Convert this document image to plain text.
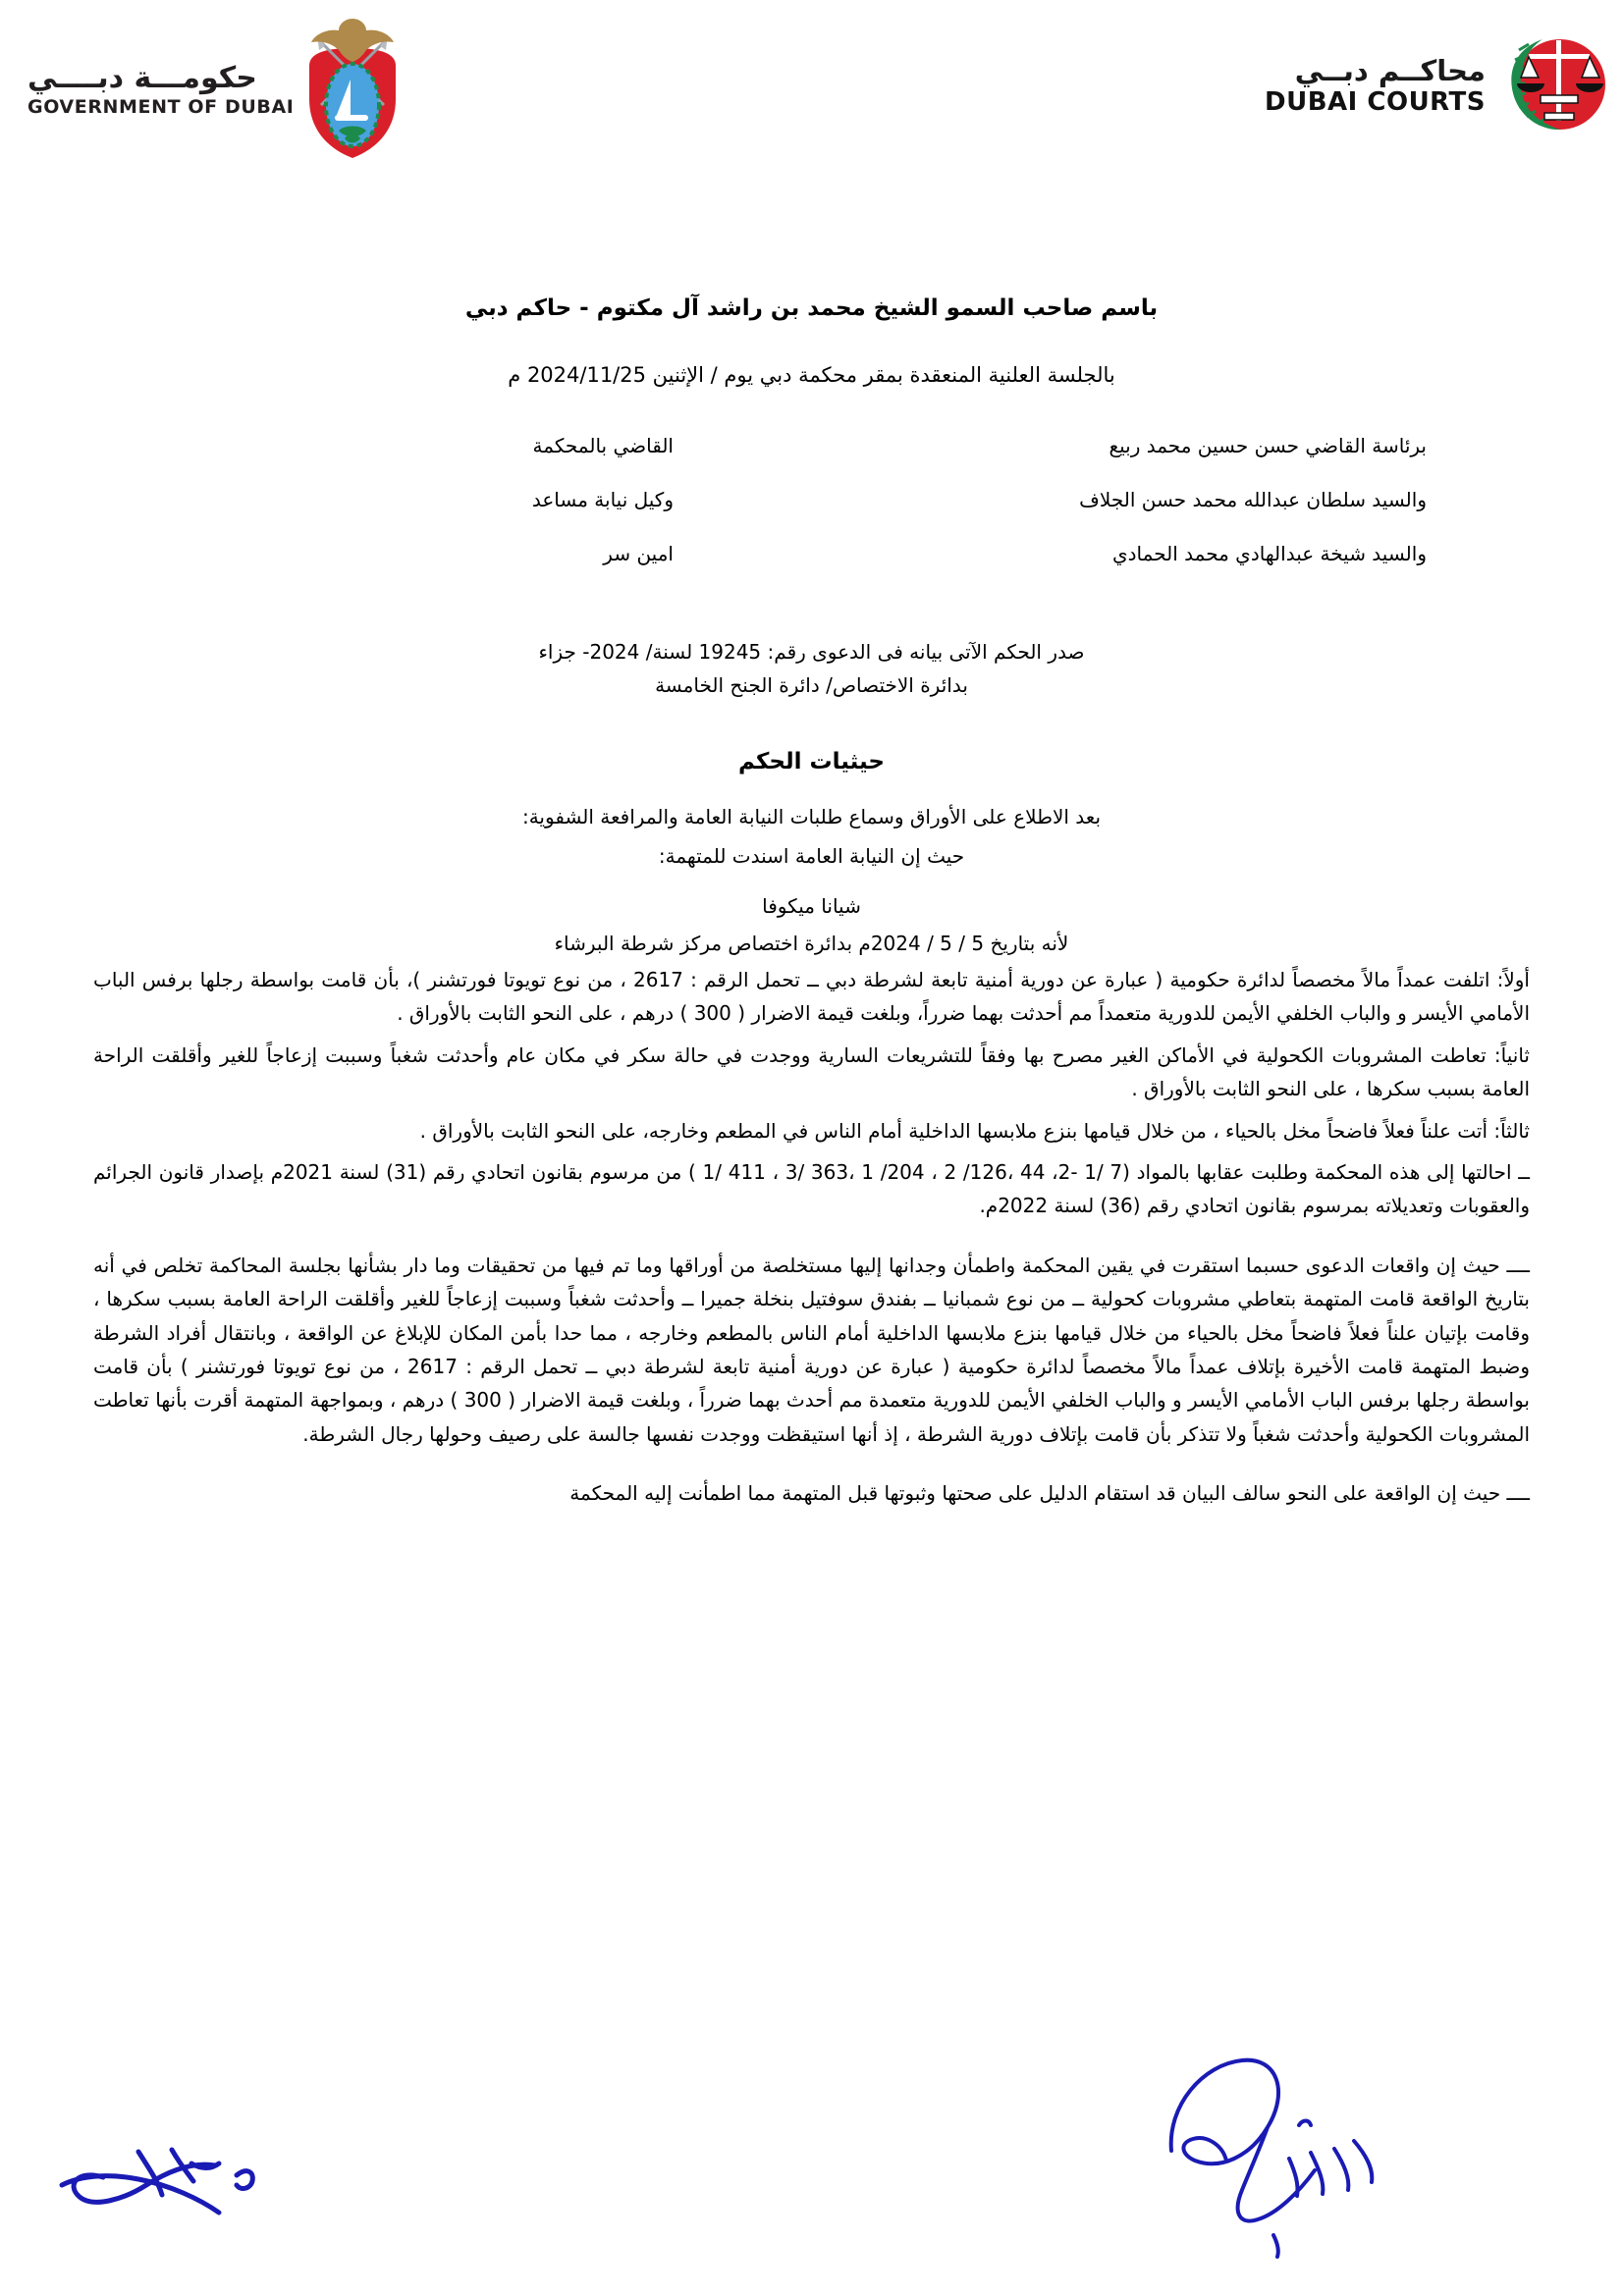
حكومـــة دبــــي
GOVERNMENT OF DUBAI
محاكــم دبــي
DUBAI COURTS
باسم صاحب السمو الشيخ محمد بن راشد آل مكتوم - حاكم دبي
بالجلسة العلنية المنعقدة بمقر محكمة دبي يوم / الإثنين 2024/11/25 م
برئاسة القاضي حسن حسين محمد ربيع
القاضي بالمحكمة
والسيد سلطان عبدالله محمد حسن الجلاف
وكيل نيابة مساعد
والسيد شيخة عبدالهادي محمد الحمادي
امين سر
صدر الحكم الآتى بيانه فى الدعوى رقم: 19245 لسنة/ 2024- جزاء
بدائرة الاختصاص/ دائرة الجنح الخامسة
حيثيات الحكم
بعد الاطلاع على الأوراق وسماع طلبات النيابة العامة والمرافعة الشفوية:
حيث إن النيابة العامة اسندت للمتهمة:
شيانا ميكوفا
لأنه بتاريخ 5 / 5 / 2024م بدائرة اختصاص مركز شرطة البرشاء
أولاً: اتلفت عمداً مالاً مخصصاً لدائرة حكومية ( عبارة عن دورية أمنية تابعة لشرطة دبي ــ تحمل الرقم : 2617 ، من نوع تويوتا فورتشنر )، بأن قامت بواسطة رجلها برفس الباب الأمامي الأيسر و والباب الخلفي الأيمن للدورية متعمداً مم أحدثت بهما ضرراً، وبلغت قيمة الاضرار ( 300 ) درهم ، على النحو الثابت بالأوراق .
ثانياً: تعاطت المشروبات الكحولية في الأماكن الغير مصرح بها وفقاً للتشريعات السارية ووجدت في حالة سكر في مكان عام وأحدثت شغباً وسببت إزعاجاً للغير وأقلقت الراحة العامة بسبب سكرها ، على النحو الثابت بالأوراق .
ثالثاً: أتت علناً فعلاً فاضحاً مخل بالحياء ، من خلال قيامها بنزع ملابسها الداخلية أمام الناس في المطعم وخارجه، على النحو الثابت بالأوراق .
ــ احالتها إلى هذه المحكمة وطلبت عقابها بالمواد (7 /1 -2، 44 ،126/ 2 ، 204/ 1 ،363 /3 ، 411 /1 ) من مرسوم بقانون اتحادي رقم (31) لسنة 2021م بإصدار قانون الجرائم والعقوبات وتعديلاته بمرسوم بقانون اتحادي رقم (36) لسنة 2022م.
ــــ حيث إن واقعات الدعوى حسبما استقرت في يقين المحكمة واطمأن وجدانها إليها مستخلصة من أوراقها وما تم فيها من تحقيقات وما دار بشأنها بجلسة المحاكمة تخلص في أنه بتاريخ الواقعة قامت المتهمة بتعاطي مشروبات كحولية ــ من نوع شمبانيا ــ بفندق سوفتيل بنخلة جميرا ــ وأحدثت شغباً وسببت إزعاجاً للغير وأقلقت الراحة العامة بسبب سكرها ، وقامت بإتيان علناً فعلاً فاضحاً مخل بالحياء من خلال قيامها بنزع ملابسها الداخلية أمام الناس بالمطعم وخارجه ، مما حدا بأمن المكان للإبلاغ عن الواقعة ، وبانتقال أفراد الشرطة وضبط المتهمة قامت الأخيرة بإتلاف عمداً مالاً مخصصاً لدائرة حكومية ( عبارة عن دورية أمنية تابعة لشرطة دبي ــ تحمل الرقم : 2617 ، من نوع تويوتا فورتشنر ) بأن قامت بواسطة رجلها برفس الباب الأمامي الأيسر و والباب الخلفي الأيمن للدورية متعمدة مم أحدث بهما ضرراً ، وبلغت قيمة الاضرار ( 300 ) درهم ، وبمواجهة المتهمة أقرت بأنها تعاطت المشروبات الكحولية وأحدثت شغباً ولا تتذكر بأن قامت بإتلاف دورية الشرطة ، إذ أنها استيقظت ووجدت نفسها جالسة على رصيف وحولها رجال الشرطة.
ــــ حيث إن الواقعة على النحو سالف البيان قد استقام الدليل على صحتها وثبوتها قبل المتهمة مما اطمأنت إليه المحكمة
